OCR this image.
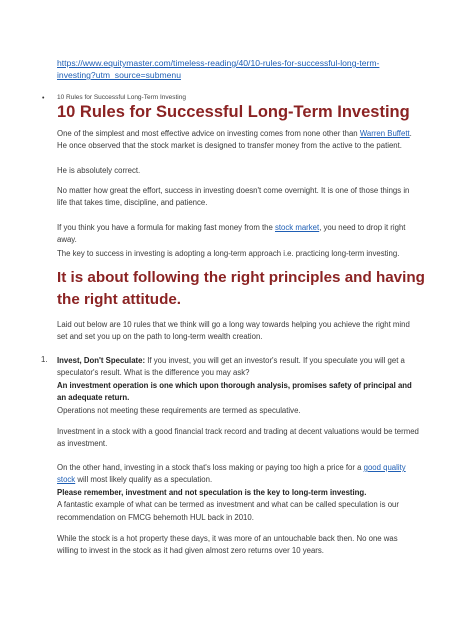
https://www.equitymaster.com/timeless-reading/40/10-rules-for-successful-long-term-investing?utm_source=submenu
• 10 Rules for Successful Long-Term Investing
10 Rules for Successful Long-Term Investing
One of the simplest and most effective advice on investing comes from none other than Warren Buffett.
He once observed that the stock market is designed to transfer money from the active to the patient.
He is absolutely correct.
No matter how great the effort, success in investing doesn't come overnight. It is one of those things in life that takes time, discipline, and patience.
If you think you have a formula for making fast money from the stock market, you need to drop it right away.
The key to success in investing is adopting a long-term approach i.e. practicing long-term investing.
It is about following the right principles and having the right attitude.
Laid out below are 10 rules that we think will go a long way towards helping you achieve the right mind set and set you up on the path to long-term wealth creation.
1. Invest, Don't Speculate: If you invest, you will get an investor's result. If you speculate you will get a speculator's result. What is the difference you may ask?
An investment operation is one which upon thorough analysis, promises safety of principal and an adequate return.
Operations not meeting these requirements are termed as speculative.
Investment in a stock with a good financial track record and trading at decent valuations would be termed as investment.
On the other hand, investing in a stock that's loss making or paying too high a price for a good quality stock will most likely qualify as a speculation.
Please remember, investment and not speculation is the key to long-term investing.
A fantastic example of what can be termed as investment and what can be called speculation is our recommendation on FMCG behemoth HUL back in 2010.
While the stock is a hot property these days, it was more of an untouchable back then. No one was willing to invest in the stock as it had given almost zero returns over 10 years.
